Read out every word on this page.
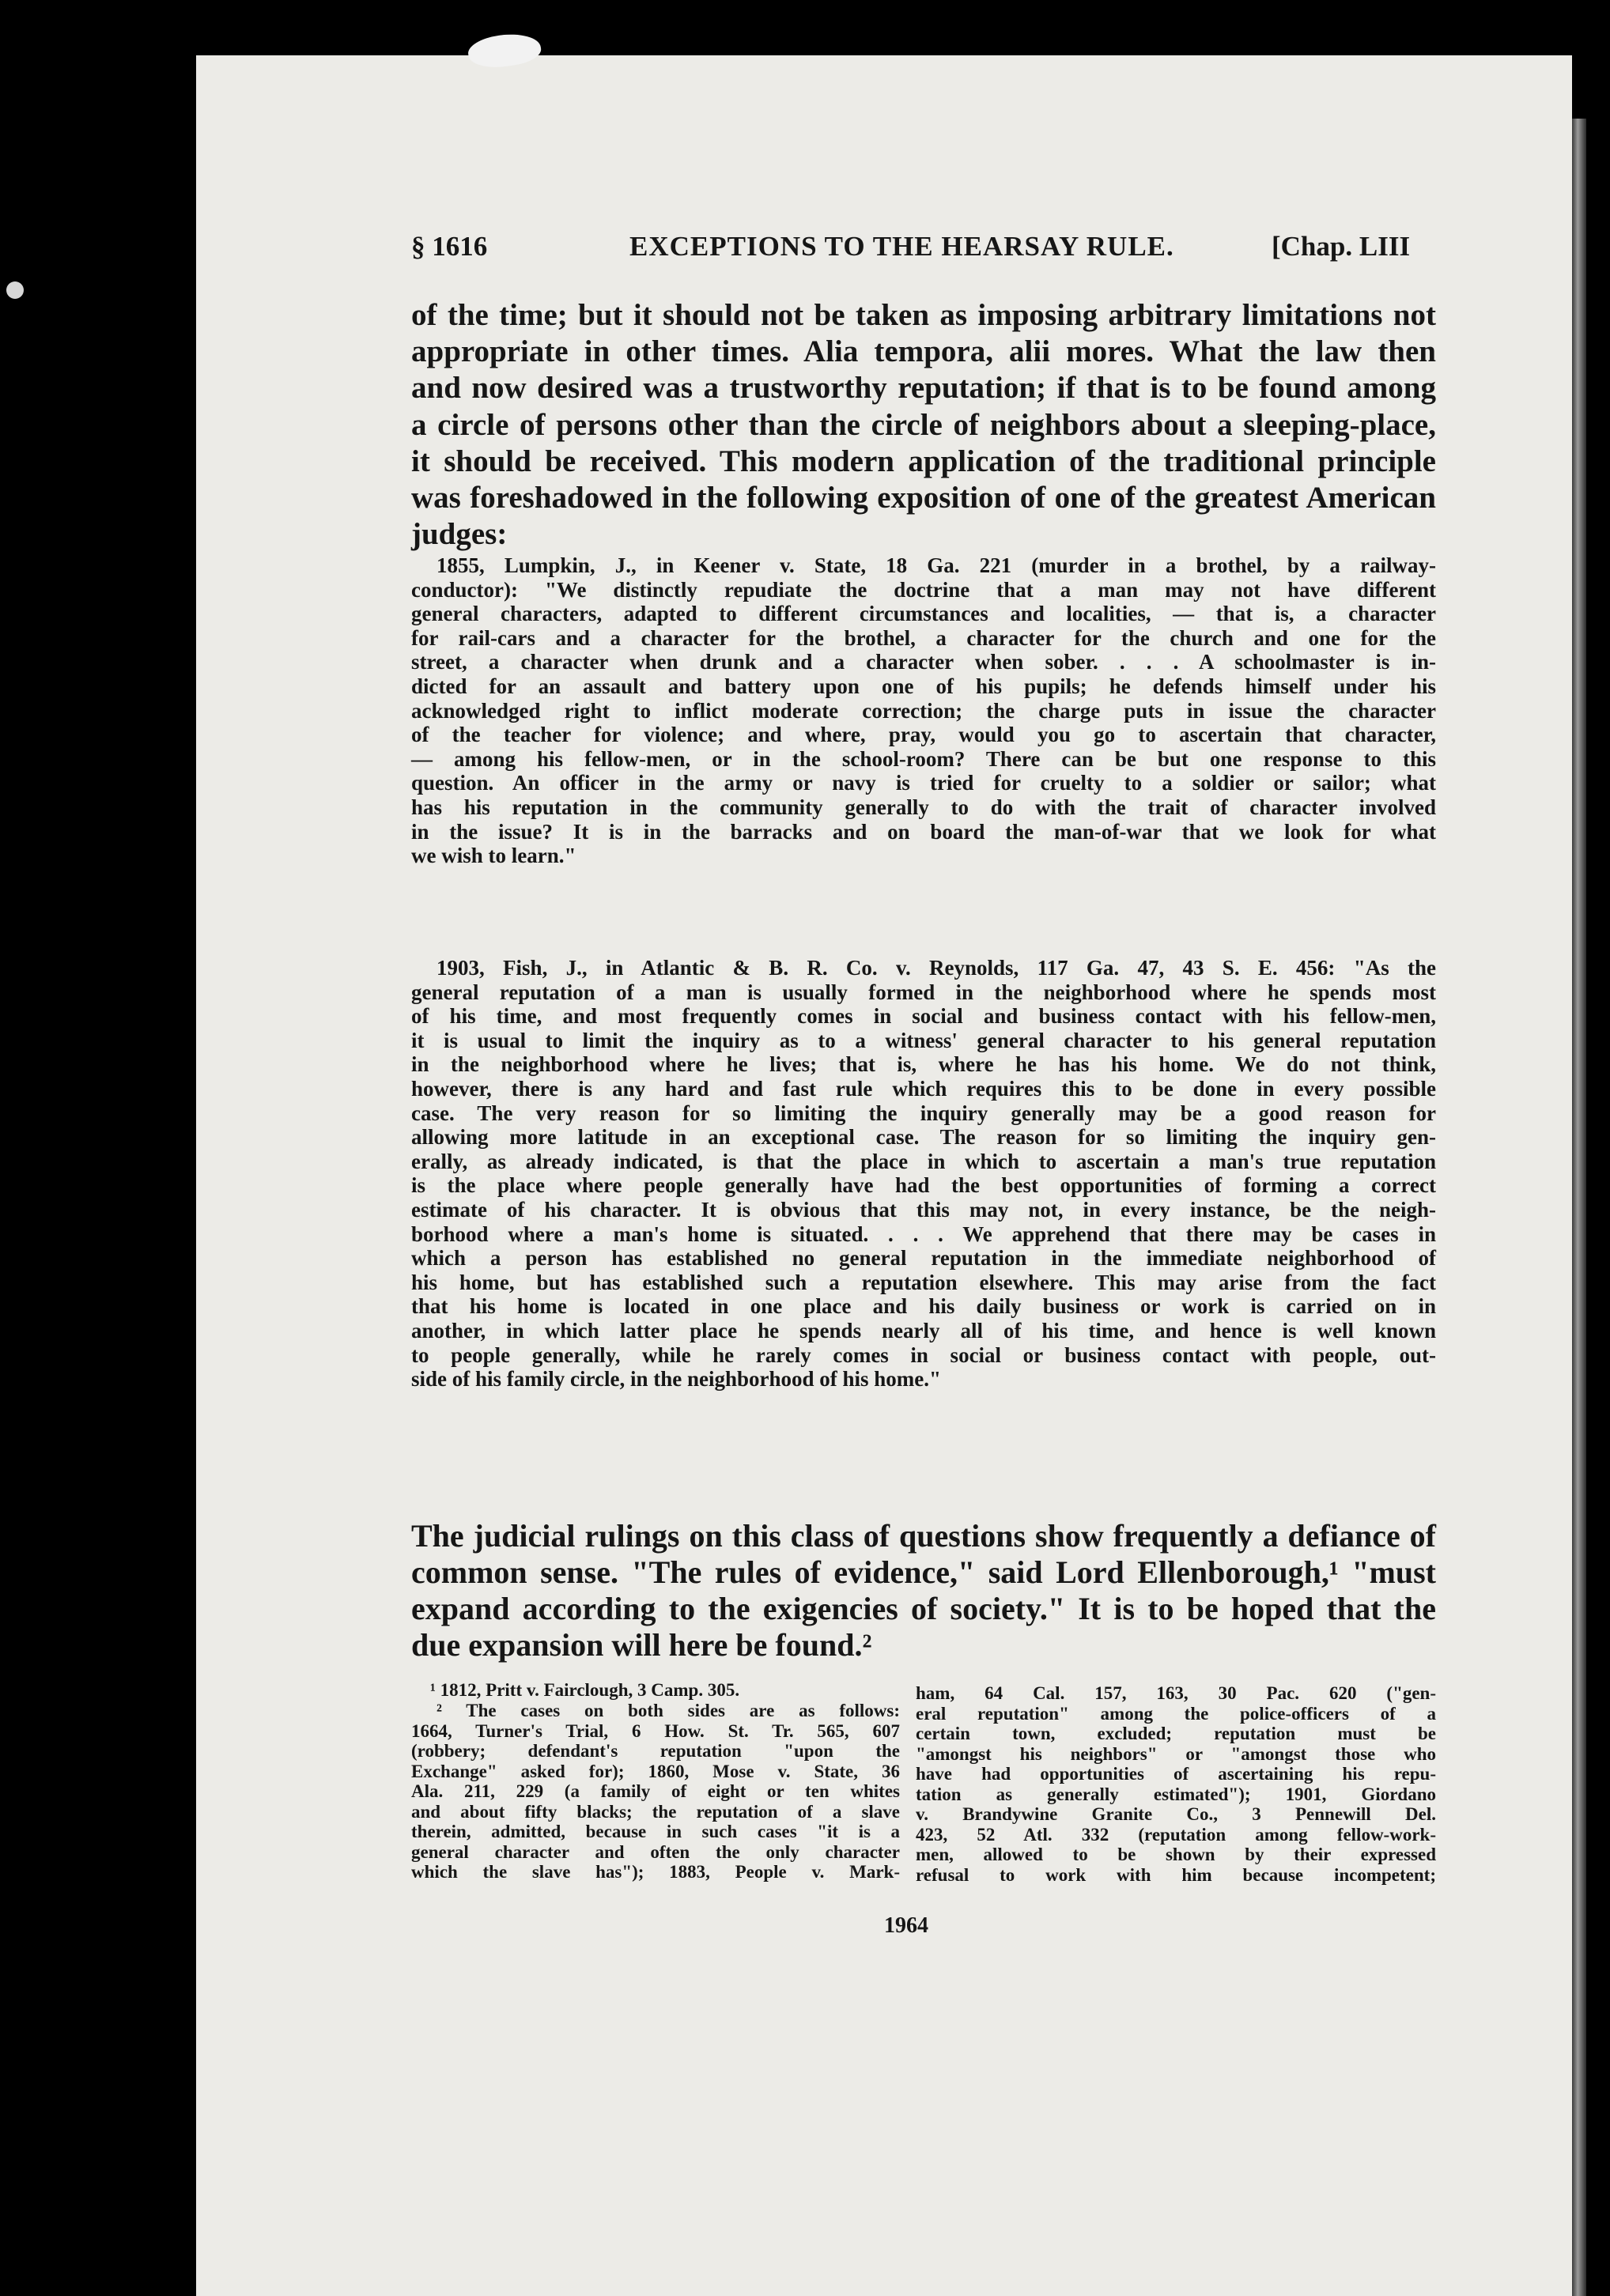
§ 1616	EXCEPTIONS TO THE HEARSAY RULE.	[Chap. LIII
of the time; but it should not be taken as imposing arbitrary limitations not
appropriate in other times. Alia tempora, alii mores. What the law then
and now desired was a trustworthy reputation; if that is to be found among
a circle of persons other than the circle of neighbors about a sleeping-place,
it should be received. This modern application of the traditional principle
was foreshadowed in the following exposition of one of the greatest American
judges:
1855, Lumpkin, J., in Keener v. State, 18 Ga. 221 (murder in a brothel, by a railway-
conductor): "We distinctly repudiate the doctrine that a man may not have different
general characters, adapted to different circumstances and localities, — that is, a character
for rail-cars and a character for the brothel, a character for the church and one for the
street, a character when drunk and a character when sober. . . . A schoolmaster is in-
dicted for an assault and battery upon one of his pupils; he defends himself under his
acknowledged right to inflict moderate correction; the charge puts in issue the character
of the teacher for violence; and where, pray, would you go to ascertain that character,
— among his fellow-men, or in the school-room? There can be but one response to this
question. An officer in the army or navy is tried for cruelty to a soldier or sailor; what
has his reputation in the community generally to do with the trait of character involved
in the issue? It is in the barracks and on board the man-of-war that we look for what
we wish to learn."
1903, Fish, J., in Atlantic & B. R. Co. v. Reynolds, 117 Ga. 47, 43 S. E. 456: "As the
general reputation of a man is usually formed in the neighborhood where he spends most
of his time, and most frequently comes in social and business contact with his fellow-men,
it is usual to limit the inquiry as to a witness' general character to his general reputation
in the neighborhood where he lives; that is, where he has his home. We do not think,
however, there is any hard and fast rule which requires this to be done in every possible
case. The very reason for so limiting the inquiry generally may be a good reason for
allowing more latitude in an exceptional case. The reason for so limiting the inquiry gen-
erally, as already indicated, is that the place in which to ascertain a man's true reputation
is the place where people generally have had the best opportunities of forming a correct
estimate of his character. It is obvious that this may not, in every instance, be the neigh-
borhood where a man's home is situated. . . . We apprehend that there may be cases in
which a person has established no general reputation in the immediate neighborhood of
his home, but has established such a reputation elsewhere. This may arise from the fact
that his home is located in one place and his daily business or work is carried on in
another, in which latter place he spends nearly all of his time, and hence is well known
to people generally, while he rarely comes in social or business contact with people, out-
side of his family circle, in the neighborhood of his home."
The judicial rulings on this class of questions show frequently a defiance of
common sense. "The rules of evidence," said Lord Ellenborough,¹ "must
expand according to the exigencies of society." It is to be hoped that the
due expansion will here be found.²
¹ 1812, Pritt v. Fairclough, 3 Camp. 305.
² The cases on both sides are as follows:
1664, Turner's Trial, 6 How. St. Tr. 565, 607
(robbery; defendant's reputation "upon the
Exchange" asked for); 1860, Mose v. State, 36
Ala. 211, 229 (a family of eight or ten whites
and about fifty blacks; the reputation of a slave
therein, admitted, because in such cases "it is a
general character and often the only character
which the slave has"); 1883, People v. Mark-
ham, 64 Cal. 157, 163, 30 Pac. 620 ("gen-
eral reputation" among the police-officers of a
certain town, excluded; reputation must be
"amongst his neighbors" or "amongst those who
have had opportunities of ascertaining his repu-
tation as generally estimated"); 1901, Giordano
v. Brandywine Granite Co., 3 Pennewill Del.
423, 52 Atl. 332 (reputation among fellow-work-
men, allowed to be shown by their expressed
refusal to work with him because incompetent;
1964
